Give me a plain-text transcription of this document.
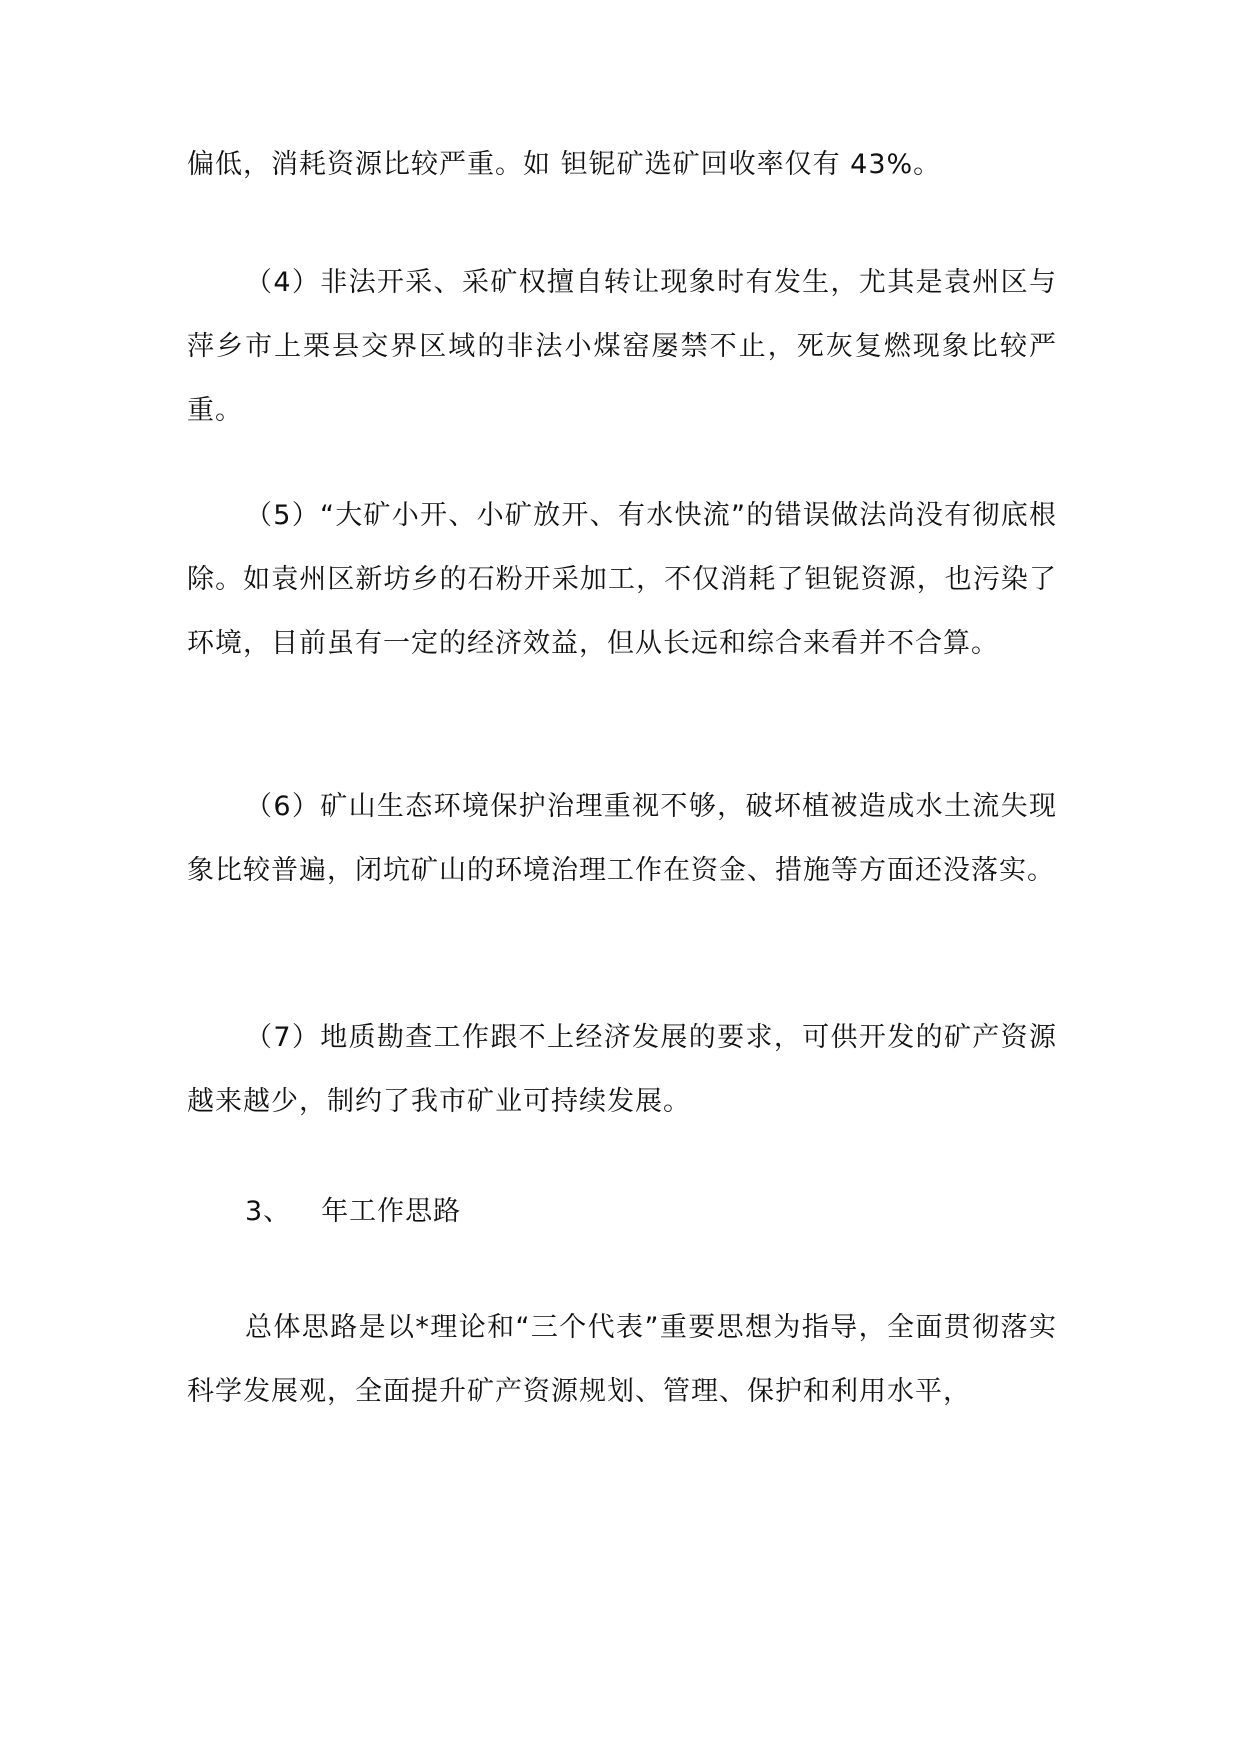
偏低，消耗资源比较严重。如 钽铌矿选矿回收率仅有 43%。

（4）非法开采、采矿权擅自转让现象时有发生，尤其是袁州区与萍乡市上栗县交界区域的非法小煤窑屡禁不止，死灰复燃现象比较严重。

（5）“大矿小开、小矿放开、有水快流”的错误做法尚没有彻底根除。如袁州区新坊乡的石粉开采加工，不仅消耗了钽铌资源，也污染了环境，目前虽有一定的经济效益，但从长远和综合来看并不合算。

（6）矿山生态环境保护治理重视不够，破坏植被造成水土流失现象比较普遍，闭坑矿山的环境治理工作在资金、措施等方面还没落实。

（7）地质勘查工作跟不上经济发展的要求，可供开发的矿产资源越来越少，制约了我市矿业可持续发展。

3、 年工作思路

总体思路是以*理论和“三个代表”重要思想为指导，全面贯彻落实科学发展观，全面提升矿产资源规划、管理、保护和利用水平，
